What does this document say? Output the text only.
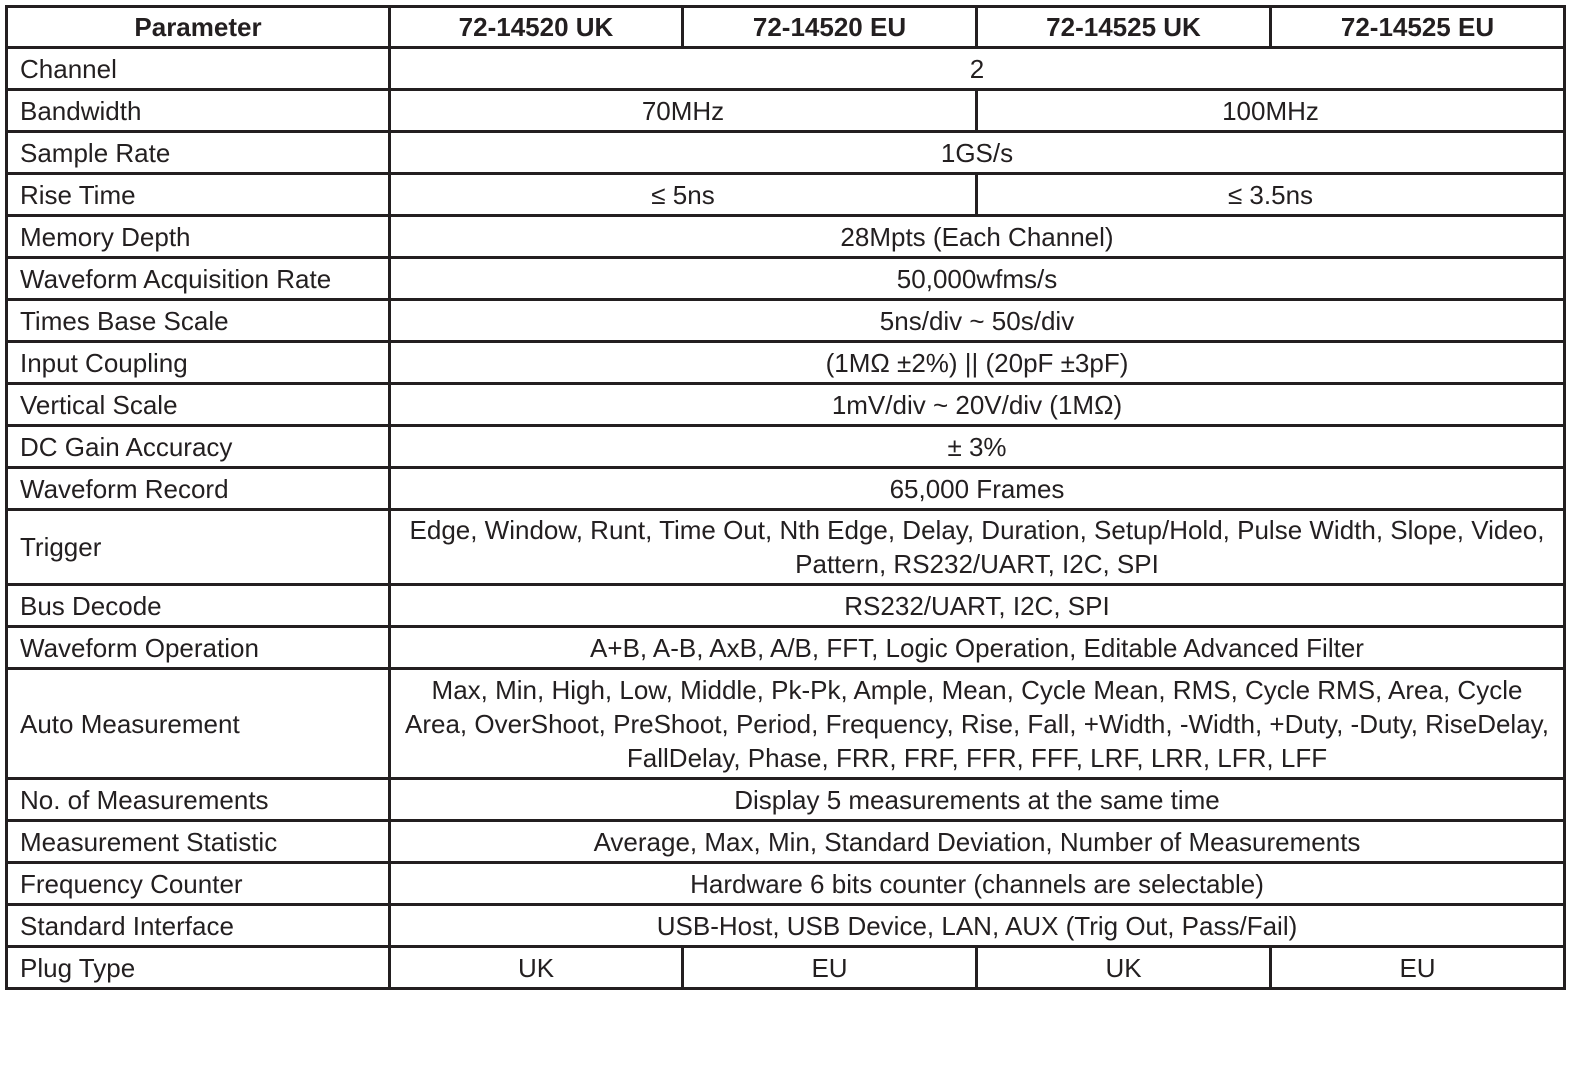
Parameter	72-14520 UK	72-14520 EU	72-14525 UK	72-14525 EU
Channel	2			
Bandwidth	70MHz		100MHz	
Sample Rate	1GS/s			
Rise Time	≤ 5ns		≤ 3.5ns	
Memory Depth	28Mpts (Each Channel)			
Waveform Acquisition Rate	50,000wfms/s			
Times Base Scale	5ns/div ~ 50s/div			
Input Coupling	(1MΩ ±2%) || (20pF ±3pF)			
Vertical Scale	1mV/div ~ 20V/div (1MΩ)			
DC Gain Accuracy	± 3%			
Waveform Record	65,000 Frames			
Trigger	Edge, Window, Runt, Time Out, Nth Edge, Delay, Duration, Setup/Hold, Pulse Width, Slope, Video, Pattern, RS232/UART, I2C, SPI			
Bus Decode	RS232/UART, I2C, SPI			
Waveform Operation	A+B, A-B, AxB, A/B, FFT, Logic Operation, Editable Advanced Filter			
Auto Measurement	Max, Min, High, Low, Middle, Pk-Pk, Ample, Mean, Cycle Mean, RMS, Cycle RMS, Area, Cycle Area, OverShoot, PreShoot, Period, Frequency, Rise, Fall, +Width, -Width, +Duty, -Duty, RiseDelay, FallDelay, Phase, FRR, FRF, FFR, FFF, LRF, LRR, LFR, LFF			
No. of Measurements	Display 5 measurements at the same time			
Measurement Statistic	Average, Max, Min, Standard Deviation, Number of Measurements			
Frequency Counter	Hardware 6 bits counter (channels are selectable)			
Standard Interface	USB-Host, USB Device, LAN, AUX (Trig Out, Pass/Fail)			
Plug Type	UK	EU	UK	EU
